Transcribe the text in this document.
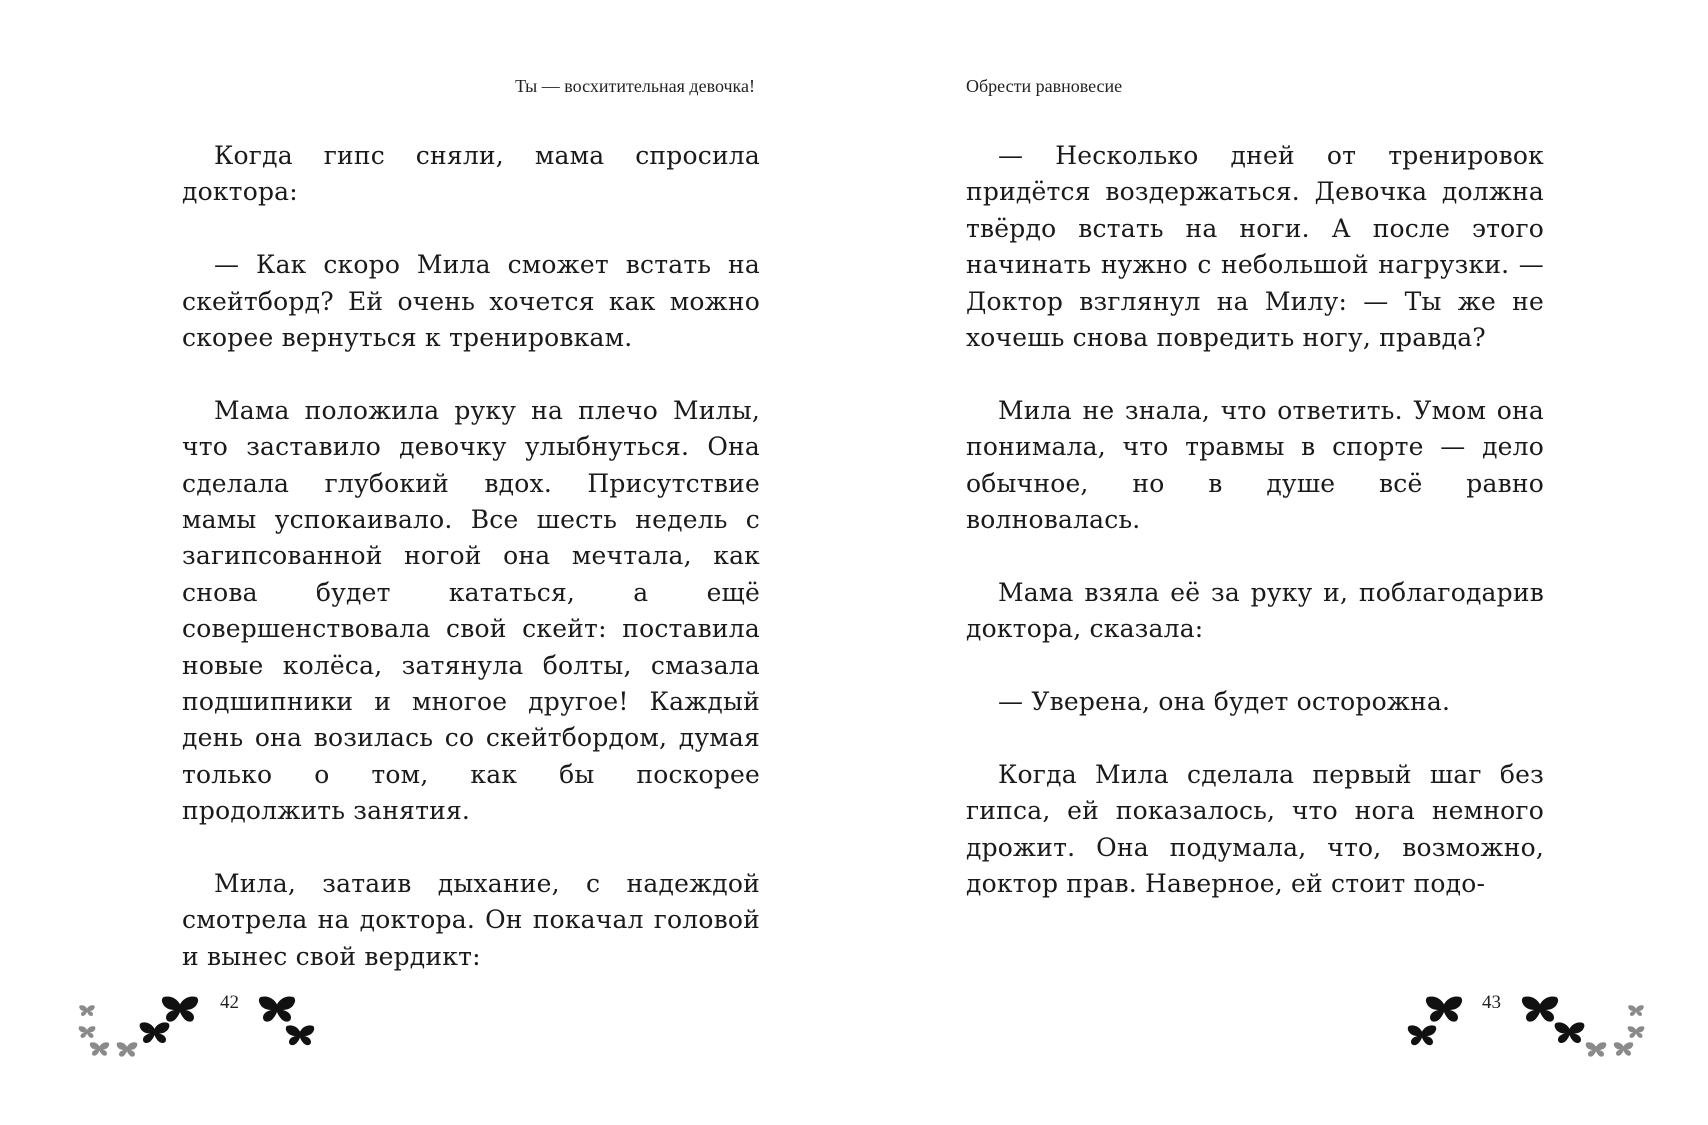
Ты — восхитительная девочка!

Когда гипс сняли, мама спросила доктора:

— Как скоро Мила сможет встать на скейтборд? Ей очень хочется как можно скорее вернуться к тренировкам.

Мама положила руку на плечо Милы, что заставило девочку улыбнуться. Она сделала глубокий вдох. Присутствие мамы успокаивало. Все шесть недель с загипсованной ногой она мечтала, как снова будет кататься, а ещё совершенствовала свой скейт: поставила новые колёса, затянула болты, смазала подшипники и многое другое! Каждый день она возилась со скейтбордом, думая только о том, как бы поскорее продолжить занятия.

Мила, затаив дыхание, с надеждой смотрела на доктора. Он покачал головой и вынес свой вердикт:

42
Обрести равновесие

— Несколько дней от тренировок придётся воздержаться. Девочка должна твёрдо встать на ноги. А после этого начинать нужно с небольшой нагрузки. — Доктор взглянул на Милу: — Ты же не хочешь снова повредить ногу, правда?

Мила не знала, что ответить. Умом она понимала, что травмы в спорте — дело обычное, но в душе всё равно волновалась.

Мама взяла её за руку и, поблагодарив доктора, сказала:

— Уверена, она будет осторожна.

Когда Мила сделала первый шаг без гипса, ей показалось, что нога немного дрожит. Она подумала, что, возможно, доктор прав. Наверное, ей стоит подо-

43
